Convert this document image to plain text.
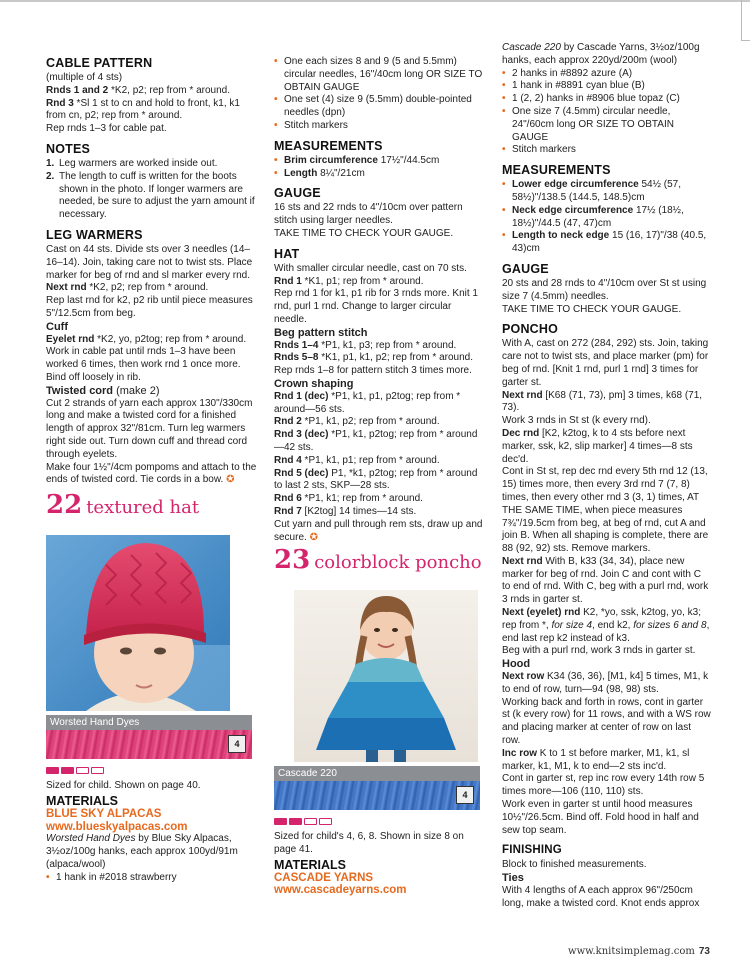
CABLE PATTERN

(multiple of 4 sts)

Rnds 1 and 2 *K2, p2; rep from * around.

Rnd 3 *Sl 1 st to cn and hold to front, k1, k1 from cn, p2; rep from * around.

Rep rnds 1–3 for cable pat.

NOTES
1. Leg warmers are worked inside out.
2. The length to cuff is written for the boots shown in the photo. If longer warmers are needed, be sure to adjust the yarn amount if necessary.
LEG WARMERS

Cast on 44 sts. Divide sts over 3 needles (14–16–14). Join, taking care not to twist sts. Place marker for beg of rnd and sl marker every rnd.

Next rnd *K2, p2; rep from * around.

Rep last rnd for k2, p2 rib until piece measures 5"/12.5cm from beg.

Cuff

Eyelet rnd *K2, yo, p2tog; rep from * around.

Work in cable pat until rnds 1–3 have been worked 6 times, then work rnd 1 once more.

Bind off loosely in rib.

Twisted cord (make 2)

Cut 2 strands of yarn each approx 130"/330cm long and make a twisted cord for a finished length of approx 32"/81cm. Turn leg warmers right side out. Turn down cuff and thread cord through eyelets.

Make four 1½"/4cm pompoms and attach to the ends of twisted cord. Tie cords in a bow. ✪

22 textured hat
Worsted Hand Dyes
4

Sized for child. Shown on page 40.

MATERIALS

BLUE SKY ALPACAS

www.blueskyalpacas.com

Worsted Hand Dyes by Blue Sky Alpacas, 3½oz/100g hanks, each approx 100yd/91m (alpaca/wool)

• 1 hank in #2018 strawberry
• One each sizes 8 and 9 (5 and 5.5mm) circular needles, 16"/40cm long OR SIZE TO OBTAIN GAUGE
• One set (4) size 9 (5.5mm) double-pointed needles (dpn)
• Stitch markers
MEASUREMENTS
• Brim circumference 17½"/44.5cm
• Length 8¼"/21cm
GAUGE

16 sts and 22 rnds to 4"/10cm over pattern stitch using larger needles.

TAKE TIME TO CHECK YOUR GAUGE.

HAT

With smaller circular needle, cast on 70 sts.

Rnd 1 *K1, p1; rep from * around.

Rep rnd 1 for k1, p1 rib for 3 rnds more. Knit 1 rnd, purl 1 rnd. Change to larger circular needle.

Beg pattern stitch

Rnds 1–4 *P1, k1, p3; rep from * around.

Rnds 5–8 *K1, p1, k1, p2; rep from * around.

Rep rnds 1–8 for pattern stitch 3 times more.

Crown shaping

Rnd 1 (dec) *P1, k1, p1, p2tog; rep from * around—56 sts.

Rnd 2 *P1, k1, p2; rep from * around.

Rnd 3 (dec) *P1, k1, p2tog; rep from * around—42 sts.

Rnd 4 *P1, k1, p1; rep from * around.

Rnd 5 (dec) P1, *k1, p2tog; rep from * around to last 2 sts, SKP—28 sts.

Rnd 6 *P1, k1; rep from * around.

Rnd 7 [K2tog] 14 times—14 sts.

Cut yarn and pull through rem sts, draw up and secure. ✪

23 colorblock poncho
Cascade 220
4

Sized for child's 4, 6, 8. Shown in size 8 on page 41.

MATERIALS

CASCADE YARNS

www.cascadeyarns.com

Cascade 220 by Cascade Yarns, 3½oz/100g hanks, each approx 220yd/200m (wool)

• 2 hanks in #8892 azure (A)
• 1 hank in #8891 cyan blue (B)
• 1 (2, 2) hanks in #8906 blue topaz (C)
• One size 7 (4.5mm) circular needle, 24"/60cm long OR SIZE TO OBTAIN GAUGE
• Stitch markers
MEASUREMENTS
• Lower edge circumference 54½ (57, 58½)"/138.5 (144.5, 148.5)cm
• Neck edge circumference 17½ (18½, 18½)"/44.5 (47, 47)cm
• Length to neck edge 15 (16, 17)"/38 (40.5, 43)cm
GAUGE

20 sts and 28 rnds to 4"/10cm over St st using size 7 (4.5mm) needles.

TAKE TIME TO CHECK YOUR GAUGE.

PONCHO

With A, cast on 272 (284, 292) sts. Join, taking care not to twist sts, and place marker (pm) for beg of rnd. [Knit 1 rnd, purl 1 rnd] 3 times for garter st.

Next rnd [K68 (71, 73), pm] 3 times, k68 (71, 73).

Work 3 rnds in St st (k every rnd).

Dec rnd [K2, k2tog, k to 4 sts before next marker, ssk, k2, slip marker] 4 times—8 sts dec'd.

Cont in St st, rep dec rnd every 5th rnd 12 (13, 15) times more, then every 3rd rnd 7 (7, 8) times, then every other rnd 3 (3, 1) times, AT THE SAME TIME, when piece measures 7¾"/19.5cm from beg, at beg of rnd, cut A and join B. When all shaping is complete, there are 88 (92, 92) sts. Remove markers.

Next rnd With B, k33 (34, 34), place new marker for beg of rnd. Join C and cont with C to end of rnd. With C, beg with a purl rnd, work 3 rnds in garter st.

Next (eyelet) rnd K2, *yo, ssk, k2tog, yo, k3; rep from *, for size 4, end k2, for sizes 6 and 8, end last rep k2 instead of k3.

Beg with a purl rnd, work 3 rnds in garter st.

Hood

Next row K34 (36, 36), [M1, k4] 5 times, M1, k to end of row, turn—94 (98, 98) sts.

Working back and forth in rows, cont in garter st (k every row) for 11 rows, and with a WS row and placing marker at center of row on last row.

Inc row K to 1 st before marker, M1, k1, sl marker, k1, M1, k to end—2 sts inc'd.

Cont in garter st, rep inc row every 14th row 5 times more—106 (110, 110) sts.

Work even in garter st until hood measures 10½"/26.5cm. Bind off. Fold hood in half and sew top seam.

FINISHING

Block to finished measurements.

Ties

With 4 lengths of A each approx 96"/250cm long, make a twisted cord. Knot ends approx

www.knitsimplemag.com 73
